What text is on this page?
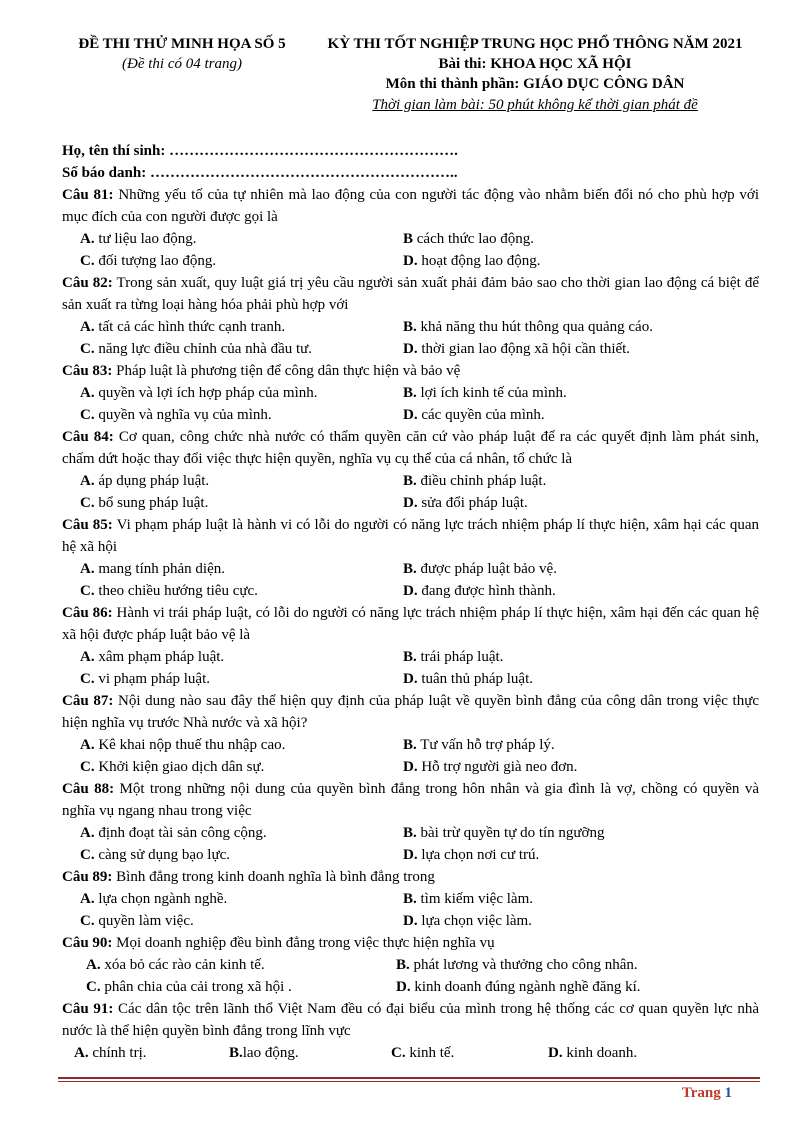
ĐỀ THI THỬ MINH HỌA SỐ 5
(Đề thi có 04 trang)
KỲ THI TỐT NGHIỆP TRUNG HỌC PHỔ THÔNG NĂM 2021
Bài thi: KHOA HỌC XÃ HỘI
Môn thi thành phần: GIÁO DỤC CÔNG DÂN
Thời gian làm bài: 50 phút không kể thời gian phát đề
Họ, tên thí sinh: ………………………………………………….
Số báo danh: ……………………………………………………..
Câu 81: Những yếu tố của tự nhiên mà lao động của con người tác động vào nhằm biến đổi nó cho phù hợp với mục đích của con người được gọi là
A. tư liệu lao động.	B cách thức lao động.
C. đối tượng lao động.	D. hoạt động lao động.
Câu 82: Trong sản xuất, quy luật giá trị yêu cầu người sản xuất phải đảm bảo sao cho thời gian lao động cá biệt để sản xuất ra từng loại hàng hóa phải phù hợp với
A. tất cả các hình thức cạnh tranh.	B. khả năng thu hút thông qua quảng cáo.
C. năng lực điều chỉnh của nhà đầu tư.	D. thời gian lao động xã hội cần thiết.
Câu 83: Pháp luật là phương tiện để công dân thực hiện và bảo vệ
A. quyền và lợi ích hợp pháp của mình.	B. lợi ích kinh tế của mình.
C. quyền và nghĩa vụ của mình.	D. các quyền của mình.
Câu 84: Cơ quan, công chức nhà nước có thẩm quyền căn cứ vào pháp luật để ra các quyết định làm phát sinh, chấm dứt hoặc thay đổi việc thực hiện quyền, nghĩa vụ cụ thể của cá nhân, tổ chức là
A. áp dụng pháp luật.	B. điều chỉnh pháp luật.
C. bổ sung pháp luật.	D. sửa đổi pháp luật.
Câu 85: Vi phạm pháp luật là hành vi có lỗi do người có năng lực trách nhiệm pháp lí thực hiện, xâm hại các quan hệ xã hội
A. mang tính phản diện.	B. được pháp luật bảo vệ.
C. theo chiều hướng tiêu cực.	D. đang được hình thành.
Câu 86: Hành vi trái pháp luật, có lỗi do người có năng lực trách nhiệm pháp lí thực hiện, xâm hại đến các quan hệ xã hội được pháp luật bảo vệ là
A. xâm phạm pháp luật.	B. trái pháp luật.
C. vi phạm pháp luật.	D. tuân thủ pháp luật.
Câu 87: Nội dung nào sau đây thể hiện quy định của pháp luật về quyền bình đẳng của công dân trong việc thực hiện nghĩa vụ trước Nhà nước và xã hội?
A. Kê khai nộp thuế thu nhập cao.	B. Tư vấn hỗ trợ pháp lý.
C. Khởi kiện giao dịch dân sự.	D. Hỗ trợ người già neo đơn.
Câu 88: Một trong những nội dung của quyền bình đẳng trong hôn nhân và gia đình là vợ, chồng có quyền và nghĩa vụ ngang nhau trong việc
A. định đoạt tài sản công cộng.	B. bài trừ quyền tự do tín ngưỡng
C. càng sử dụng bạo lực.	D. lựa chọn nơi cư trú.
Câu 89: Bình đẳng trong kinh doanh nghĩa là bình đẳng trong
A. lựa chọn ngành nghề.	B. tìm kiếm việc làm.
C. quyền làm việc.	D. lựa chọn việc làm.
Câu 90: Mọi doanh nghiệp đều bình đẳng trong việc thực hiện nghĩa vụ
A. xóa bỏ các rào cản kinh tế.	B. phát lương và thưởng cho công nhân.
C. phân chia của cải trong xã hội .	D. kinh doanh đúng ngành nghề đăng kí.
Câu 91: Các dân tộc trên lãnh thổ Việt Nam đều có đại biểu của mình trong hệ thống các cơ quan quyền lực nhà nước là thể hiện quyền bình đẳng trong lĩnh vực
A. chính trị.	B.lao động.	C. kinh tế.	D. kinh doanh.
Trang 1
